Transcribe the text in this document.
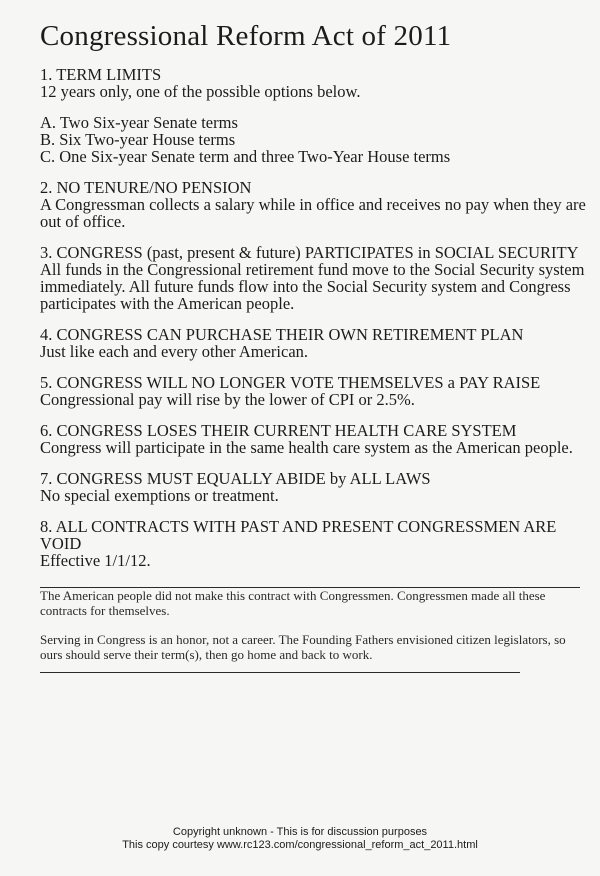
Congressional Reform Act of 2011

1. TERM LIMITS

12 years only, one of the possible options below.

A. Two Six-year Senate terms
B. Six Two-year House terms
C. One Six-year Senate term and three Two-Year House terms

2. NO TENURE/NO PENSION

A Congressman collects a salary while in office and receives no pay when they are out of office.

3. CONGRESS (past, present & future) PARTICIPATES in SOCIAL SECURITY

All funds in the Congressional retirement fund move to the Social Security system immediately. All future funds flow into the Social Security system and Congress participates with the American people.

4. CONGRESS CAN PURCHASE THEIR OWN RETIREMENT PLAN

Just like each and every other American.

5. CONGRESS WILL NO LONGER VOTE THEMSELVES a PAY RAISE

Congressional pay will rise by the lower of CPI or 2.5%.

6. CONGRESS LOSES THEIR CURRENT HEALTH CARE SYSTEM

Congress will participate in the same health care system as the American people.

7. CONGRESS MUST EQUALLY ABIDE by ALL LAWS

No special exemptions or treatment.

8. ALL CONTRACTS WITH PAST AND PRESENT CONGRESSMEN ARE VOID

Effective 1/1/12.

The American people did not make this contract with Congressmen. Congressmen made all these contracts for themselves.

Serving in Congress is an honor, not a career. The Founding Fathers envisioned citizen legislators, so ours should serve their term(s), then go home and back to work.

Copyright unknown - This is for discussion purposes
This copy courtesy www.rc123.com/congressional_reform_act_2011.html
